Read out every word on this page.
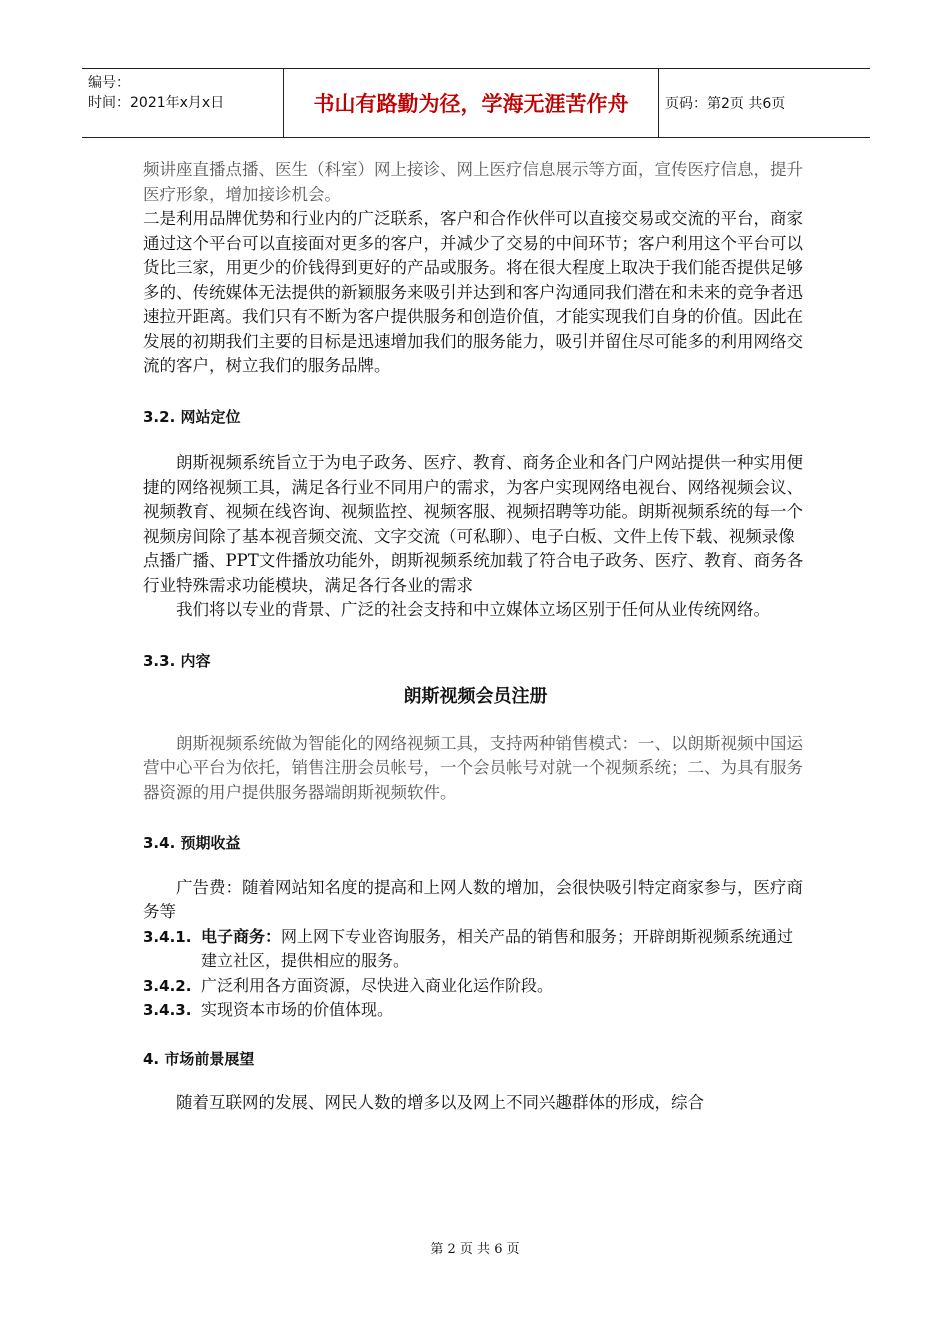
编号：
时间：2021年x月x日	书山有路勤为径，学海无涯苦作舟	页码：第2页 共6页

频讲座直播点播、医生（科室）网上接诊、网上医疗信息展示等方面，宣传医疗信息，提升医疗形象，增加接诊机会。

二是利用品牌优势和行业内的广泛联系，客户和合作伙伴可以直接交易或交流的平台，商家通过这个平台可以直接面对更多的客户，并减少了交易的中间环节；客户利用这个平台可以货比三家，用更少的价钱得到更好的产品或服务。将在很大程度上取决于我们能否提供足够多的、传统媒体无法提供的新颖服务来吸引并达到和客户沟通同我们潜在和未来的竞争者迅速拉开距离。我们只有不断为客户提供服务和创造价值，才能实现我们自身的价值。因此在发展的初期我们主要的目标是迅速增加我们的服务能力，吸引并留住尽可能多的利用网络交流的客户，树立我们的服务品牌。

3.2. 网站定位

朗斯视频系统旨立于为电子政务、医疗、教育、商务企业和各门户网站提供一种实用便捷的网络视频工具，满足各行业不同用户的需求，为客户实现网络电视台、网络视频会议、视频教育、视频在线咨询、视频监控、视频客服、视频招聘等功能。朗斯视频系统的每一个视频房间除了基本视音频交流、文字交流（可私聊）、电子白板、文件上传下载、视频录像点播广播、PPT文件播放功能外，朗斯视频系统加载了符合电子政务、医疗、教育、商务各行业特殊需求功能模块，满足各行各业的需求

我们将以专业的背景、广泛的社会支持和中立媒体立场区别于任何从业传统网络。

3.3. 内容

朗斯视频会员注册

朗斯视频系统做为智能化的网络视频工具，支持两种销售模式：一、以朗斯视频中国运营中心平台为依托，销售注册会员帐号，一个会员帐号对就一个视频系统；二、为具有服务器资源的用户提供服务器端朗斯视频软件。

3.4. 预期收益

广告费：随着网站知名度的提高和上网人数的增加，会很快吸引特定商家参与，医疗商务等

3.4.1. 电子商务：网上网下专业咨询服务，相关产品的销售和服务；开辟朗斯视频系统通过建立社区，提供相应的服务。
3.4.2. 广泛利用各方面资源，尽快进入商业化运作阶段。
3.4.3. 实现资本市场的价值体现。

4. 市场前景展望

随着互联网的发展、网民人数的增多以及网上不同兴趣群体的形成，综合

第 2 页 共 6 页
